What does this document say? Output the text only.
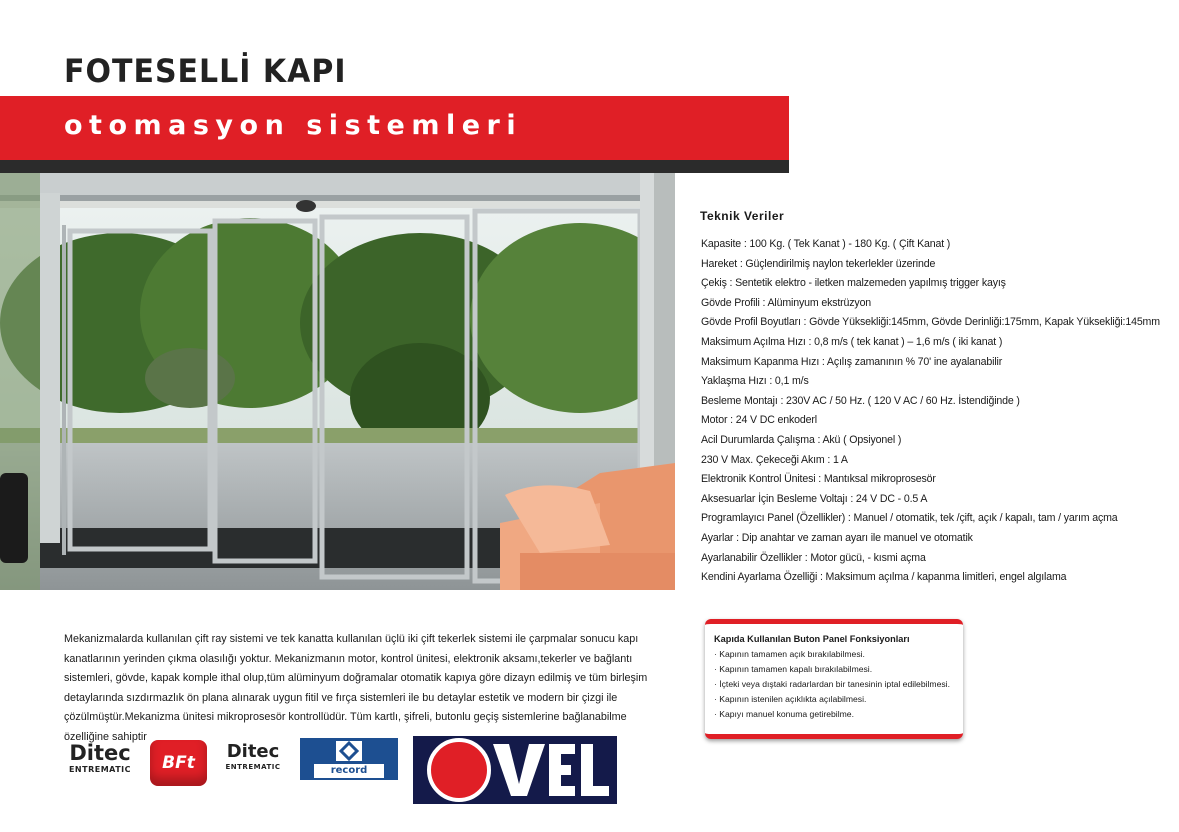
FOTESELLİ KAPI
otomasyon sistemleri
Teknik Veriler
Kapasite : 100 Kg. ( Tek Kanat ) - 180 Kg. ( Çift Kanat )
Hareket : Güçlendirilmiş naylon tekerlekler üzerinde
Çekiş : Sentetik elektro - iletken malzemeden yapılmış trigger kayış
Gövde Profili : Alüminyum ekstrüzyon
Gövde Profil Boyutları : Gövde Yüksekliği:145mm, Gövde Derinliği:175mm, Kapak Yüksekliği:145mm
Maksimum Açılma Hızı : 0,8 m/s ( tek kanat ) – 1,6 m/s ( iki kanat )
Maksimum Kapanma Hızı : Açılış zamanının % 70' ine ayalanabilir
Yaklaşma Hızı : 0,1 m/s
Besleme Montajı : 230V AC / 50 Hz. ( 120 V AC / 60 Hz. İstendiğinde )
Motor : 24 V DC enkoderl
Acil Durumlarda Çalışma : Akü ( Opsiyonel )
230 V Max. Çekeceği Akım : 1 A
Elektronik Kontrol Ünitesi : Mantıksal mikroprosesör
Aksesuarlar İçin Besleme Voltajı : 24 V DC - 0.5 A
Programlayıcı Panel (Özellikler) : Manuel / otomatik, tek /çift, açık / kapalı, tam / yarım açma
Ayarlar : Dip anahtar ve zaman ayarı ile manuel ve otomatik
Ayarlanabilir Özellikler : Motor gücü, - kısmi açma
Kendini Ayarlama Özelliği : Maksimum açılma / kapanma limitleri, engel algılama

Mekanizmalarda kullanılan çift ray sistemi ve tek kanatta kullanılan üçlü iki çift tekerlek sistemi ile çarpmalar sonucu kapı kanatlarının yerinden çıkma olasılığı yoktur. Mekanizmanın motor, kontrol ünitesi, elektronik aksamı,tekerler ve bağlantı sistemleri, gövde, kapak komple ithal olup,tüm alüminyum doğramalar otomatik kapıya göre dizayn edilmiş ve tüm birleşim detaylarında sızdırmazlık ön plana alınarak uygun fitil ve fırça sistemleri ile bu detaylar estetik ve modern bir çizgi ile çözülmüştür.Mekanizma ünitesi mikroprosesör kontrollüdür. Tüm kartlı, şifreli, butonlu geçiş sistemlerine bağlanabilme özelliğine sahiptir

Kapıda Kullanılan Buton Panel Fonksiyonları
· Kapının tamamen açık bırakılabilmesi.
· Kapının tamamen kapalı bırakılabilmesi.
· İçteki veya dıştaki radarlardan bir tanesinin iptal edilebilmesi.
· Kapının istenilen açıklıkta açılabilmesi.
· Kapıyı manuel konuma getirebilme.
Ditec
ENTREMATIC	BFt
Ditec
ENTREMATIC	record
